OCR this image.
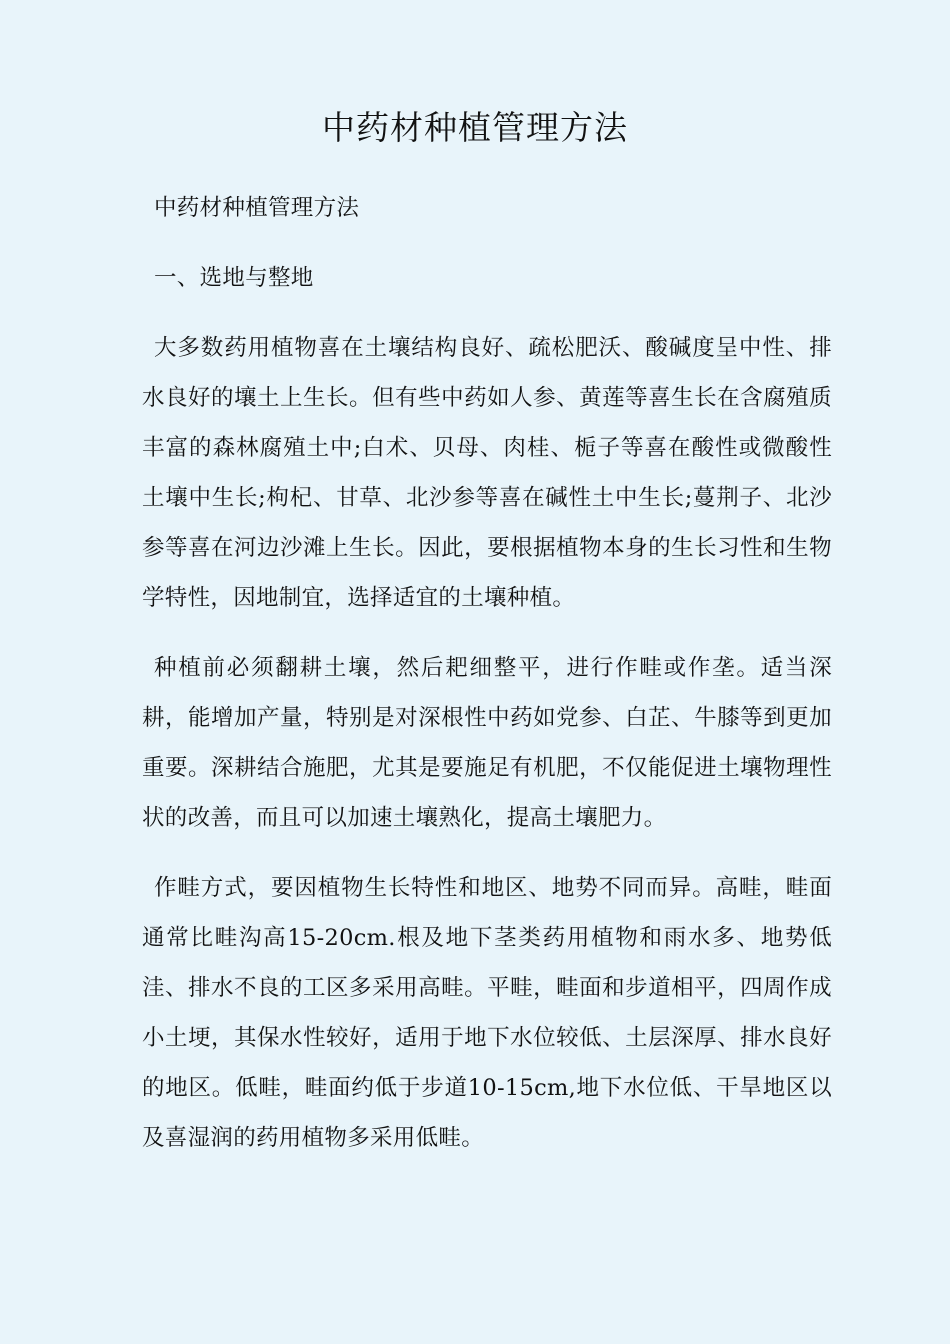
中药材种植管理方法

中药材种植管理方法

一、选地与整地

大多数药用植物喜在土壤结构良好、疏松肥沃、酸碱度呈中性、排水良好的壤土上生长。但有些中药如人参、黄莲等喜生长在含腐殖质丰富的森林腐殖土中;白术、贝母、肉桂、栀子等喜在酸性或微酸性土壤中生长;枸杞、甘草、北沙参等喜在碱性土中生长;蔓荆子、北沙参等喜在河边沙滩上生长。因此，要根据植物本身的生长习性和生物学特性，因地制宜，选择适宜的土壤种植。

种植前必须翻耕土壤，然后耙细整平，进行作畦或作垄。适当深耕，能增加产量，特别是对深根性中药如党参、白芷、牛膝等到更加重要。深耕结合施肥，尤其是要施足有机肥，不仅能促进土壤物理性状的改善，而且可以加速土壤熟化，提高土壤肥力。

作畦方式，要因植物生长特性和地区、地势不同而异。高畦，畦面通常比畦沟高15-20cm.根及地下茎类药用植物和雨水多、地势低洼、排水不良的工区多采用高畦。平畦，畦面和步道相平，四周作成小土埂，其保水性较好，适用于地下水位较低、土层深厚、排水良好的地区。低畦，畦面约低于步道10-15cm,地下水位低、干旱地区以及喜湿润的药用植物多采用低畦。
